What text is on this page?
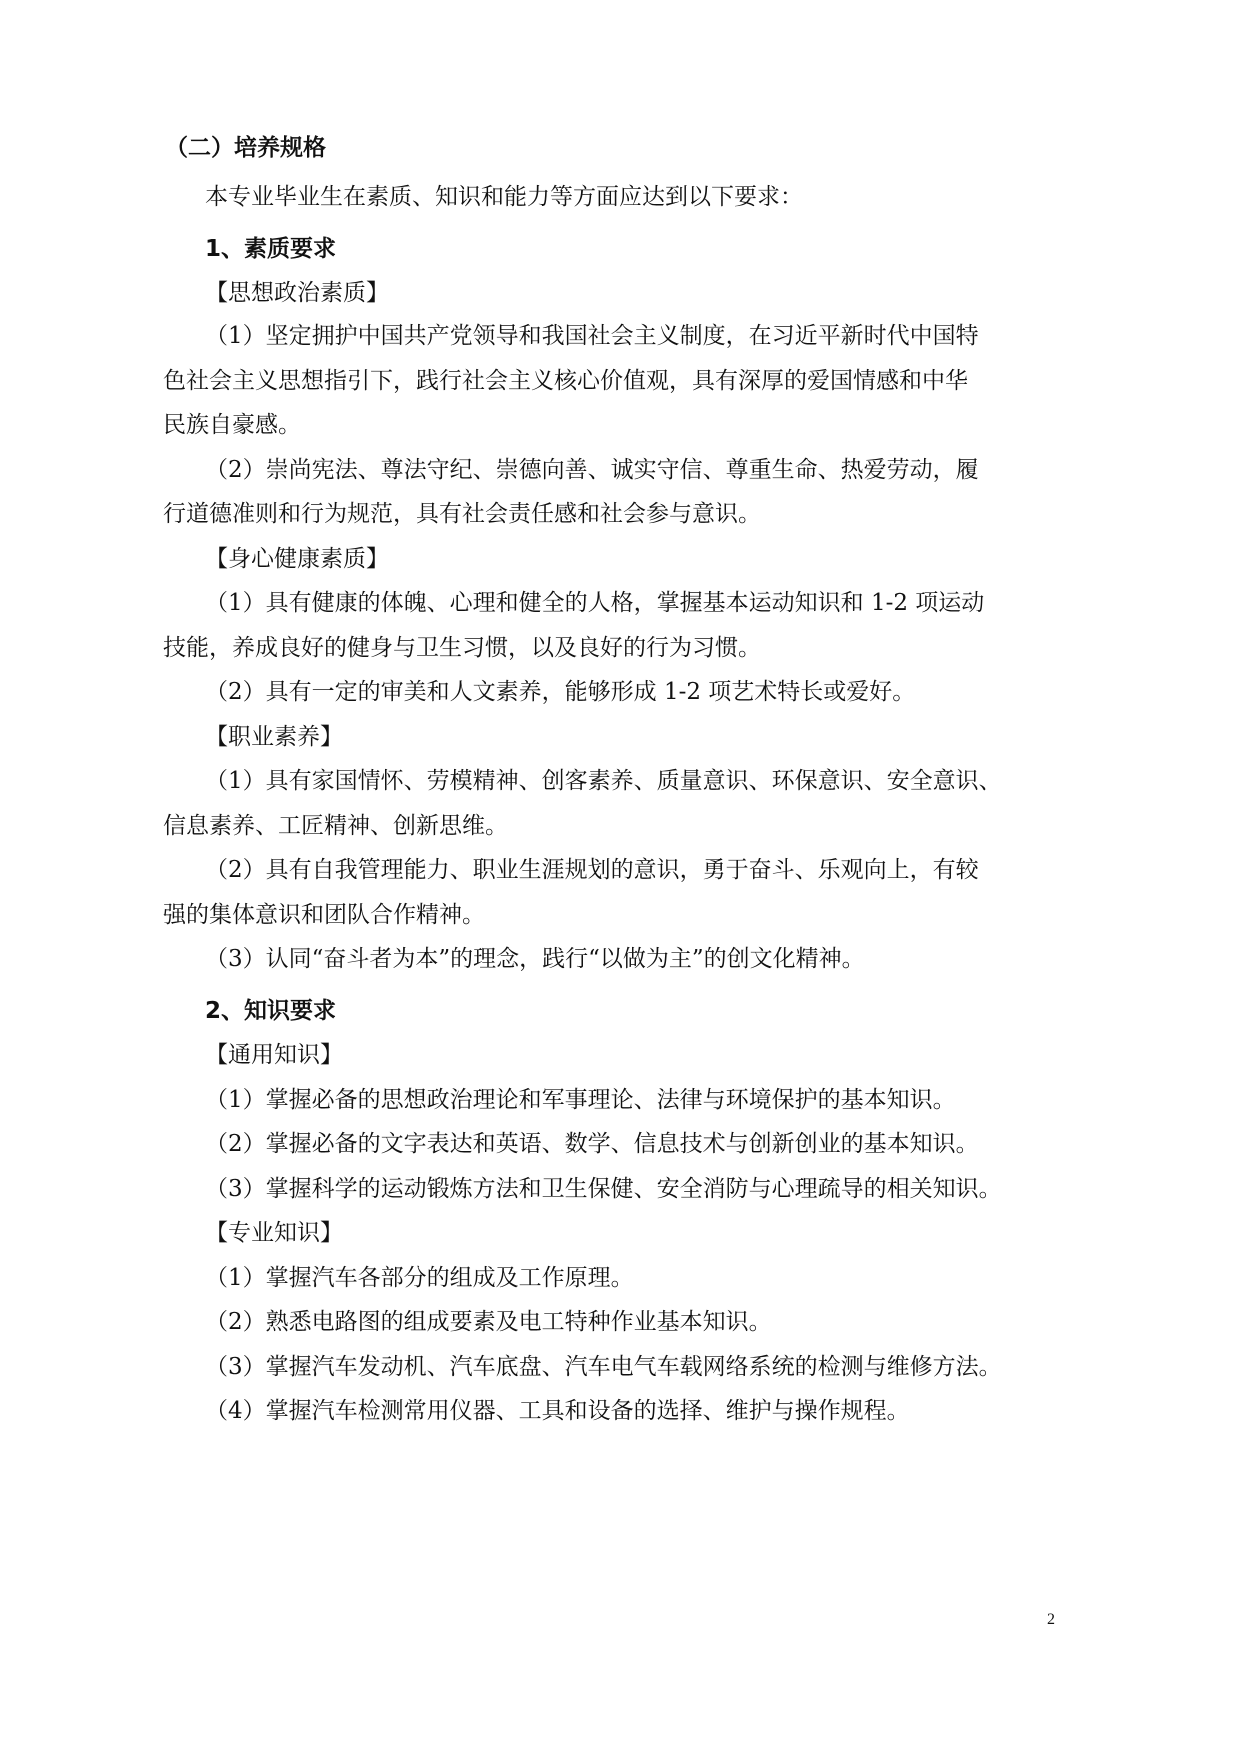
（二）培养规格
本专业毕业生在素质、知识和能力等方面应达到以下要求：
1、素质要求
【思想政治素质】
（1）坚定拥护中国共产党领导和我国社会主义制度，在习近平新时代中国特
色社会主义思想指引下，践行社会主义核心价值观，具有深厚的爱国情感和中华
民族自豪感。
（2）崇尚宪法、尊法守纪、崇德向善、诚实守信、尊重生命、热爱劳动，履
行道德准则和行为规范，具有社会责任感和社会参与意识。
【身心健康素质】
（1）具有健康的体魄、心理和健全的人格，掌握基本运动知识和 1-2 项运动
技能，养成良好的健身与卫生习惯，以及良好的行为习惯。
（2）具有一定的审美和人文素养，能够形成 1-2 项艺术特长或爱好。
【职业素养】
（1）具有家国情怀、劳模精神、创客素养、质量意识、环保意识、安全意识、
信息素养、工匠精神、创新思维。
（2）具有自我管理能力、职业生涯规划的意识，勇于奋斗、乐观向上，有较
强的集体意识和团队合作精神。
（3）认同“奋斗者为本”的理念，践行“以做为主”的创文化精神。
2、知识要求
【通用知识】
（1）掌握必备的思想政治理论和军事理论、法律与环境保护的基本知识。
（2）掌握必备的文字表达和英语、数学、信息技术与创新创业的基本知识。
（3）掌握科学的运动锻炼方法和卫生保健、安全消防与心理疏导的相关知识。
【专业知识】
（1）掌握汽车各部分的组成及工作原理。
（2）熟悉电路图的组成要素及电工特种作业基本知识。
（3）掌握汽车发动机、汽车底盘、汽车电气车载网络系统的检测与维修方法。
（4）掌握汽车检测常用仪器、工具和设备的选择、维护与操作规程。
2
